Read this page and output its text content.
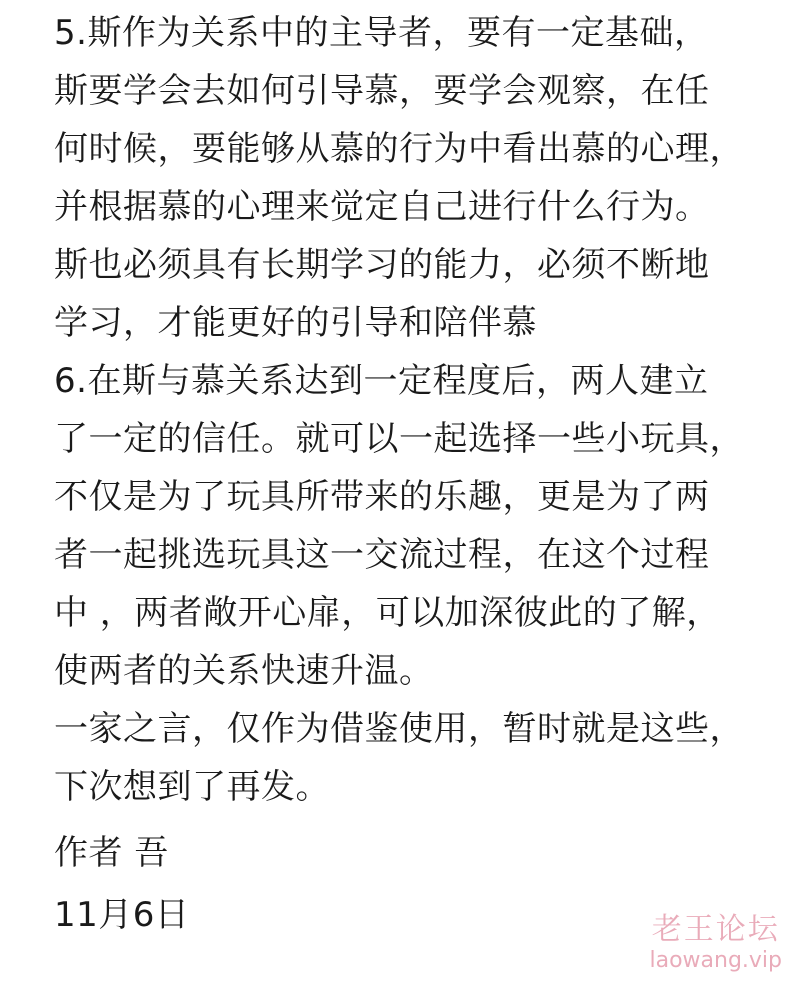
5.斯作为关系中的主导者，要有一定基础，
斯要学会去如何引导慕，要学会观察，在任
何时候，要能够从慕的行为中看出慕的心理，
并根据慕的心理来觉定自己进行什么行为。
斯也必须具有长期学习的能力，必须不断地
学习，才能更好的引导和陪伴慕
6.在斯与慕关系达到一定程度后，两人建立
了一定的信任。就可以一起选择一些小玩具，
不仅是为了玩具所带来的乐趣，更是为了两
者一起挑选玩具这一交流过程，在这个过程
中 ，两者敞开心扉，可以加深彼此的了解，
使两者的关系快速升温。
一家之言，仅作为借鉴使用，暂时就是这些，
下次想到了再发。
作者 吾
11月6日	老王论坛
laowang.vip
